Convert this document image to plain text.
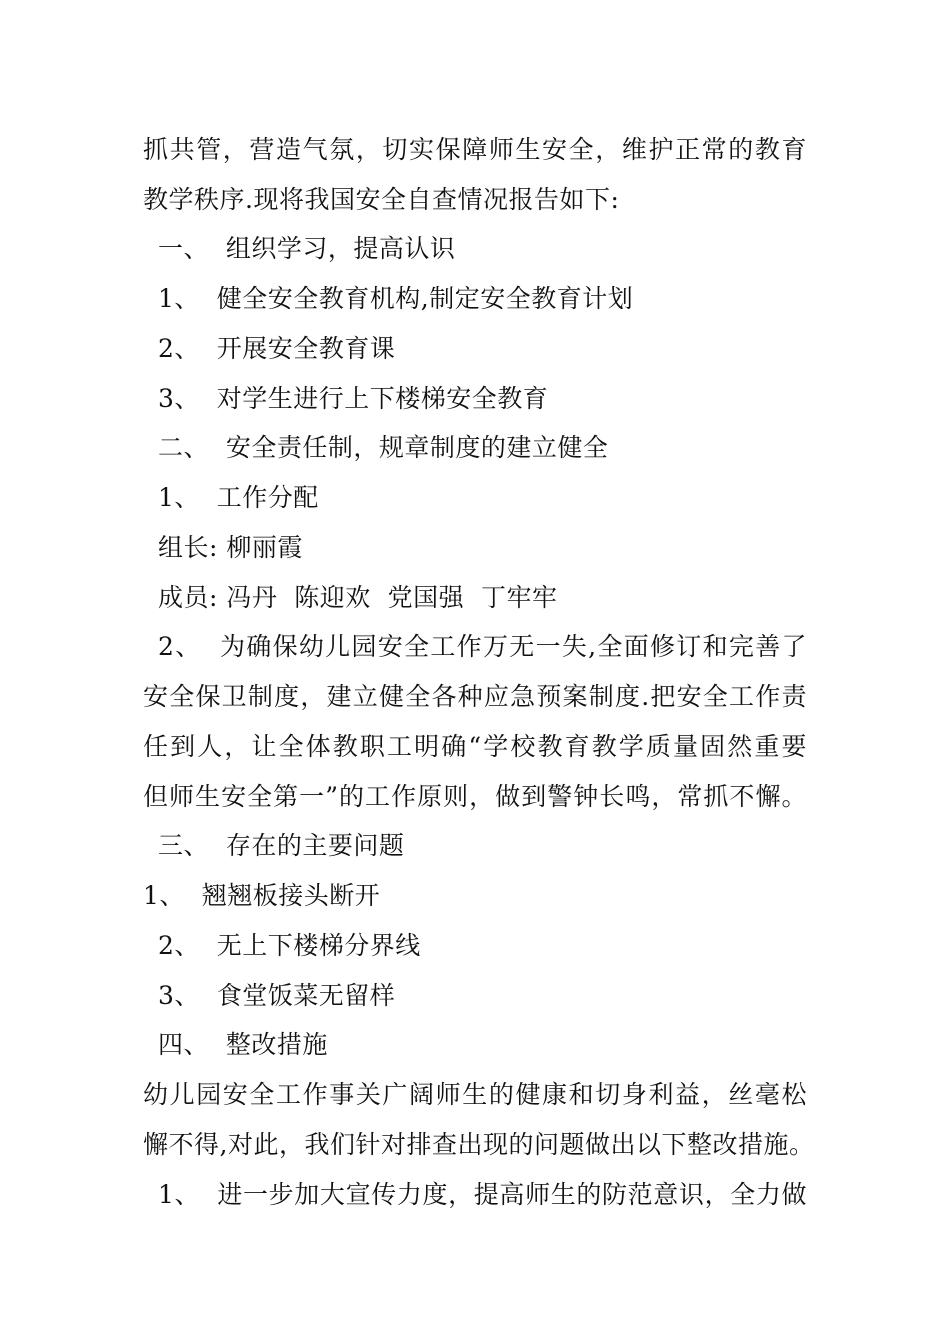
抓共管，营造气氛，切实保障师生安全，维护正常的教育
教学秩序.现将我国安全自查情况报告如下:
一、  组织学习，提高认识
1、  健全安全教育机构,制定安全教育计划
2、  开展安全教育课
3、  对学生进行上下楼梯安全教育
二、  安全责任制，规章制度的建立健全
1、  工作分配
组长: 柳丽霞
成员: 冯丹  陈迎欢  党国强  丁牢牢
2、  为确保幼儿园安全工作万无一失,全面修订和完善了
安全保卫制度，建立健全各种应急预案制度.把安全工作责
任到人，让全体教职工明确“学校教育教学质量固然重要
但师生安全第一”的工作原则，做到警钟长鸣，常抓不懈。
三、  存在的主要问题
1、  翘翘板接头断开
2、  无上下楼梯分界线
3、  食堂饭菜无留样
四、  整改措施
幼儿园安全工作事关广阔师生的健康和切身利益，丝毫松
懈不得,对此，我们针对排查出现的问题做出以下整改措施。
1、  进一步加大宣传力度，提高师生的防范意识，全力做
